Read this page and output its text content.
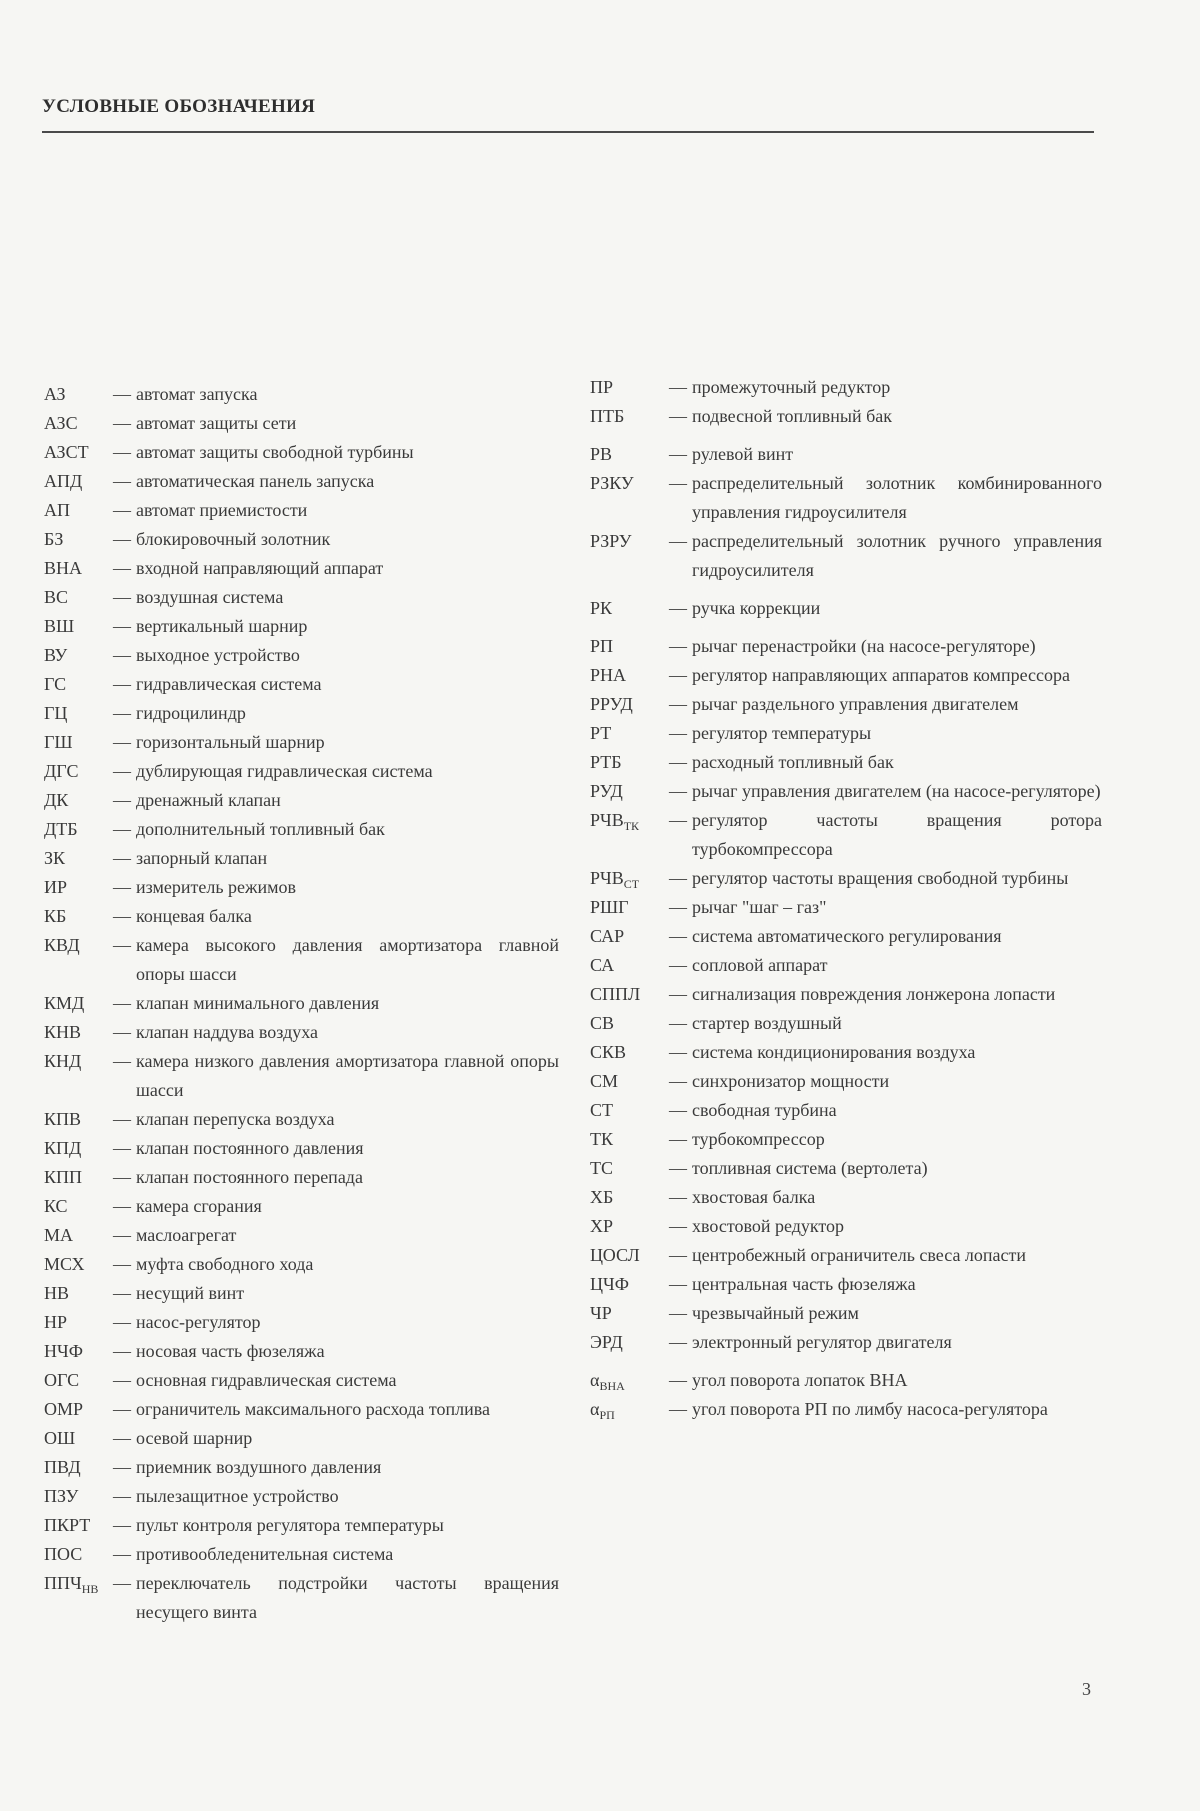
УСЛОВНЫЕ ОБОЗНАЧЕНИЯ
АЗ	— автомат запуска
АЗС	— автомат защиты сети
АЗСТ	— автомат защиты свободной турбины
АПД	— автоматическая панель запуска
АП	— автомат приемистости
БЗ	— блокировочный золотник
ВНА	— входной направляющий аппарат
ВС	— воздушная система
ВШ	— вертикальный шарнир
ВУ	— выходное устройство
ГС	— гидравлическая система
ГЦ	— гидроцилиндр
ГШ	— горизонтальный шарнир
ДГС	— дублирующая гидравлическая система
ДК	— дренажный клапан
ДТБ	— дополнительный топливный бак
ЗК	— запорный клапан
ИР	— измеритель режимов
КБ	— концевая балка
КВД	— камера высокого давления амортизатора главной опоры шасси
КМД	— клапан минимального давления
КНВ	— клапан наддува воздуха
КНД	— камера низкого давления амортизатора главной опоры шасси
КПВ	— клапан перепуска воздуха
КПД	— клапан постоянного давления
КПП	— клапан постоянного перепада
КС	— камера сгорания
МА	— маслоагрегат
МСХ	— муфта свободного хода
НВ	— несущий винт
НР	— насос-регулятор
НЧФ	— носовая часть фюзеляжа
ОГС	— основная гидравлическая система
ОМР	— ограничитель максимального расхода топлива
ОШ	— осевой шарнир
ПВД	— приемник воздушного давления
ПЗУ	— пылезащитное устройство
ПКРТ	— пульт контроля регулятора температуры
ПОС	— противообледенительная система
$ППЧ_{НВ}$ — переключатель подстройки частоты вращения несущего винта
ПР	— промежуточный редуктор
ПТБ	— подвесной топливный бак
РВ	— рулевой винт
РЗКУ	— распределительный золотник комбинированного управления гидроусилителя
РЗРУ	— распределительный золотник ручного управления гидроусилителя
РК	— ручка коррекции
РП	— рычаг перенастройки (на насосе-регуляторе)
РНА	— регулятор направляющих аппаратов компрессора
РРУД	— рычаг раздельного управления двигателем
РТ	— регулятор температуры
РТБ	— расходный топливный бак
РУД	— рычаг управления двигателем (на насосе-регуляторе)
$РЧВ_{ТК}$	— регулятор частоты вращения ротора турбокомпрессора
$РЧВ_{СТ}$	— регулятор частоты вращения свободной турбины
РШГ	— рычаг "шаг – газ"
САР	— система автоматического регулирования
СА	— сопловой аппарат
СППЛ	— сигнализация повреждения лонжерона лопасти
СВ	— стартер воздушный
СКВ	— система кондиционирования воздуха
СМ	— синхронизатор мощности
СТ	— свободная турбина
ТК	— турбокомпрессор
ТС	— топливная система (вертолета)
ХБ	— хвостовая балка
ХР	— хвостовой редуктор
ЦОСЛ	— центробежный ограничитель свеса лопасти
ЦЧФ	— центральная часть фюзеляжа
ЧР	— чрезвычайный режим
ЭРД	— электронный регулятор двигателя
$\alpha_{ВНА}$	— угол поворота лопаток ВНА
$\alpha_{РП}$	— угол поворота РП по лимбу насоса-регулятора
3
